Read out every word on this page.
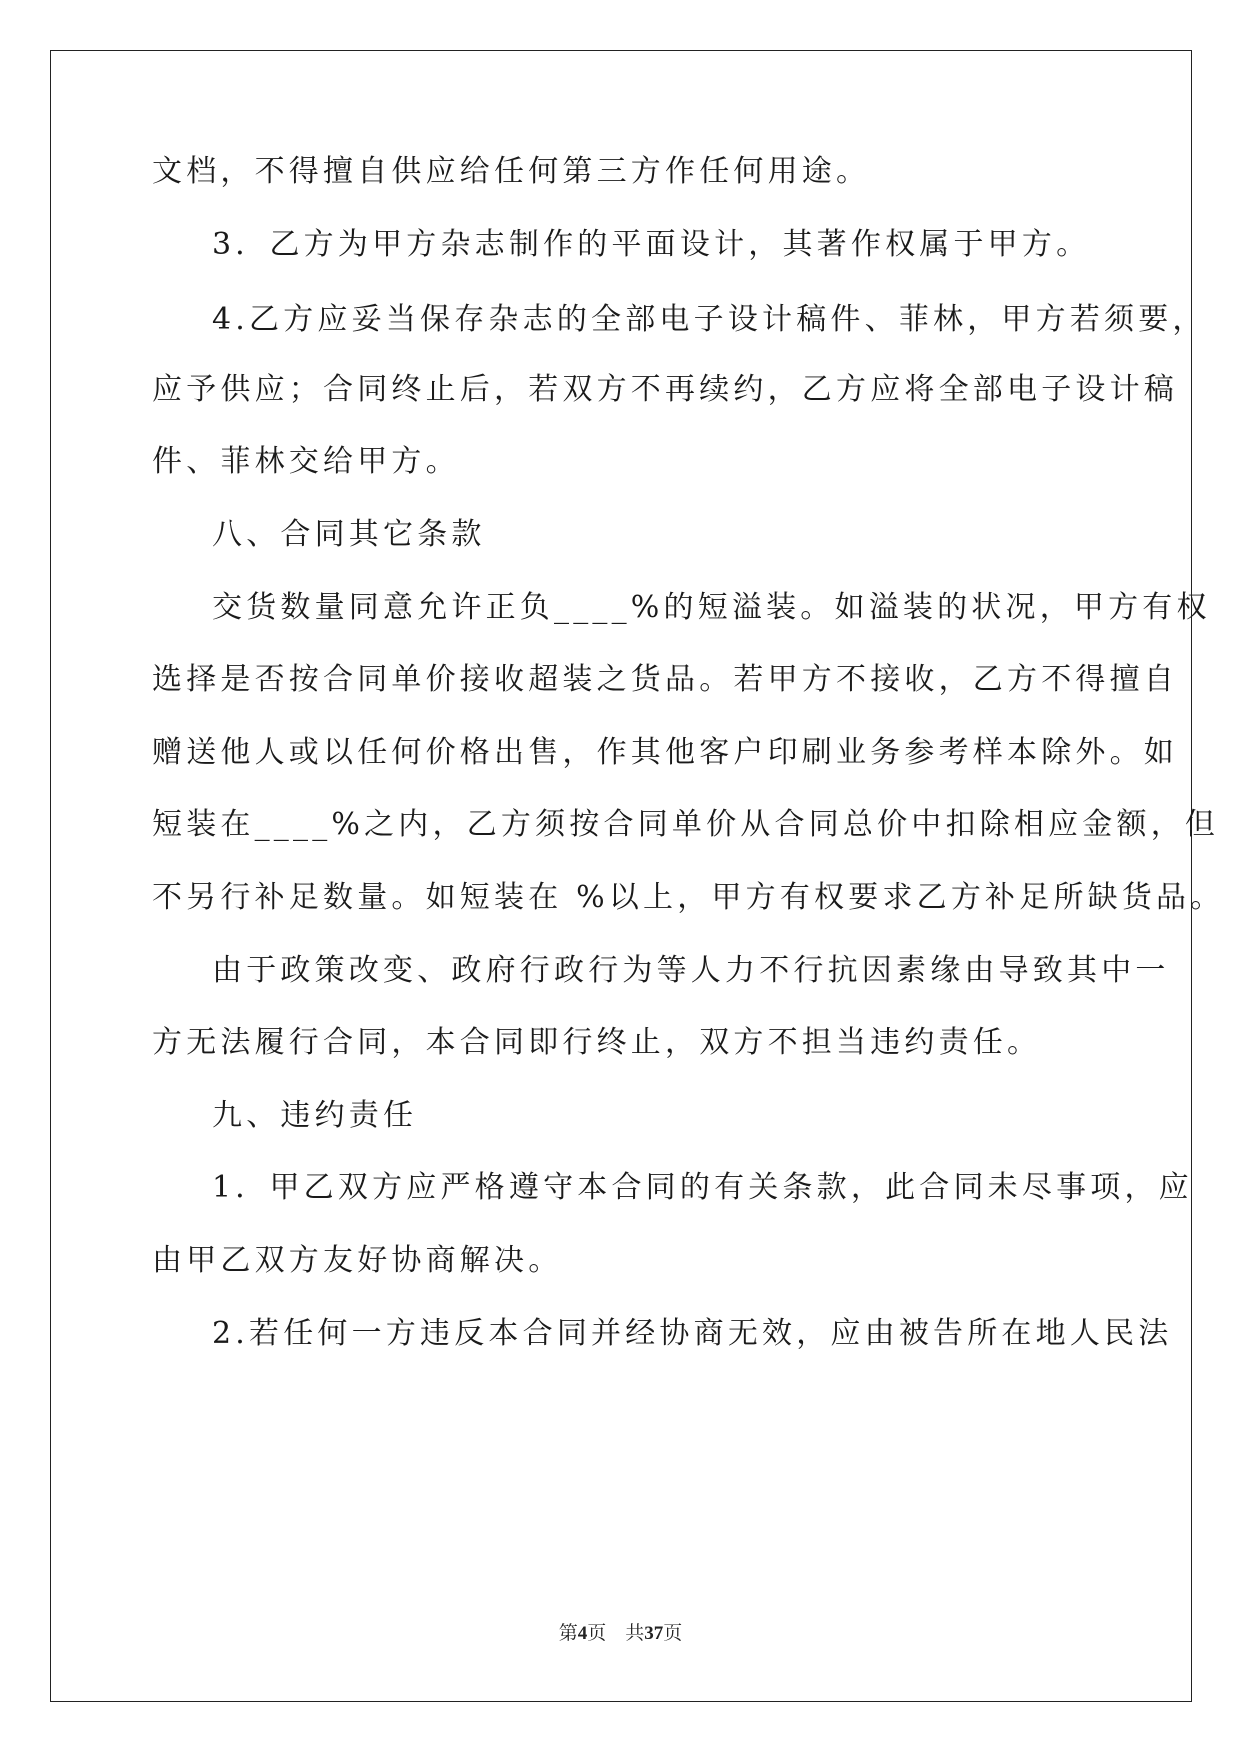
文档，不得擅自供应给任何第三方作任何用途。
3．乙方为甲方杂志制作的平面设计，其著作权属于甲方。
4.乙方应妥当保存杂志的全部电子设计稿件、菲林，甲方若须要，
应予供应；合同终止后，若双方不再续约，乙方应将全部电子设计稿
件、菲林交给甲方。
八、合同其它条款
交货数量同意允许正负____%的短溢装。如溢装的状况，甲方有权
选择是否按合同单价接收超装之货品。若甲方不接收，乙方不得擅自
赠送他人或以任何价格出售，作其他客户印刷业务参考样本除外。如
短装在____%之内，乙方须按合同单价从合同总价中扣除相应金额，但
不另行补足数量。如短装在 %以上，甲方有权要求乙方补足所缺货品。
由于政策改变、政府行政行为等人力不行抗因素缘由导致其中一
方无法履行合同，本合同即行终止，双方不担当违约责任。
九、违约责任
1．甲乙双方应严格遵守本合同的有关条款，此合同未尽事项，应
由甲乙双方友好协商解决。
2.若任何一方违反本合同并经协商无效，应由被告所在地人民法
第4页 共37页
